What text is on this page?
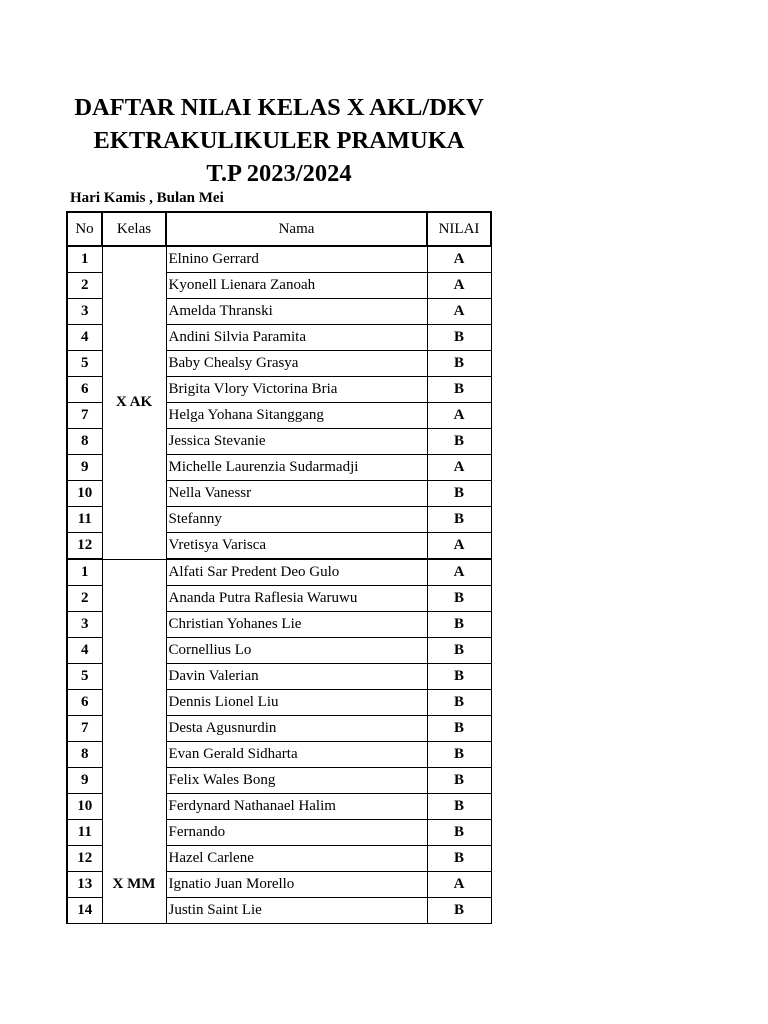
DAFTAR NILAI KELAS X AKL/DKV
EKTRAKULIKULER PRAMUKA
T.P 2023/2024
Hari Kamis , Bulan Mei
No	Kelas	Nama	NILAI
1	X AK	Elnino Gerrard	A
2		Kyonell Lienara Zanoah	A
3		Amelda Thranski	A
4		Andini Silvia Paramita	B
5		Baby Chealsy Grasya	B
6		Brigita Vlory Victorina Bria	B
7		Helga Yohana Sitanggang	A
8		Jessica Stevanie	B
9		Michelle Laurenzia Sudarmadji	A
10		Nella Vanessr	B
11		Stefanny	B
12		Vretisya Varisca	A
1		Alfati Sar Predent Deo Gulo	A
2		Ananda Putra Raflesia Waruwu	B
3		Christian Yohanes Lie	B
4		Cornellius Lo	B
5		Davin Valerian	B
6		Dennis Lionel Liu	B
7		Desta Agusnurdin	B
8		Evan Gerald Sidharta	B
9		Felix Wales Bong	B
10		Ferdynard Nathanael Halim	B
11		Fernando	B
12		Hazel Carlene	B
13	X MM	Ignatio Juan Morello	A
14		Justin Saint Lie	B
